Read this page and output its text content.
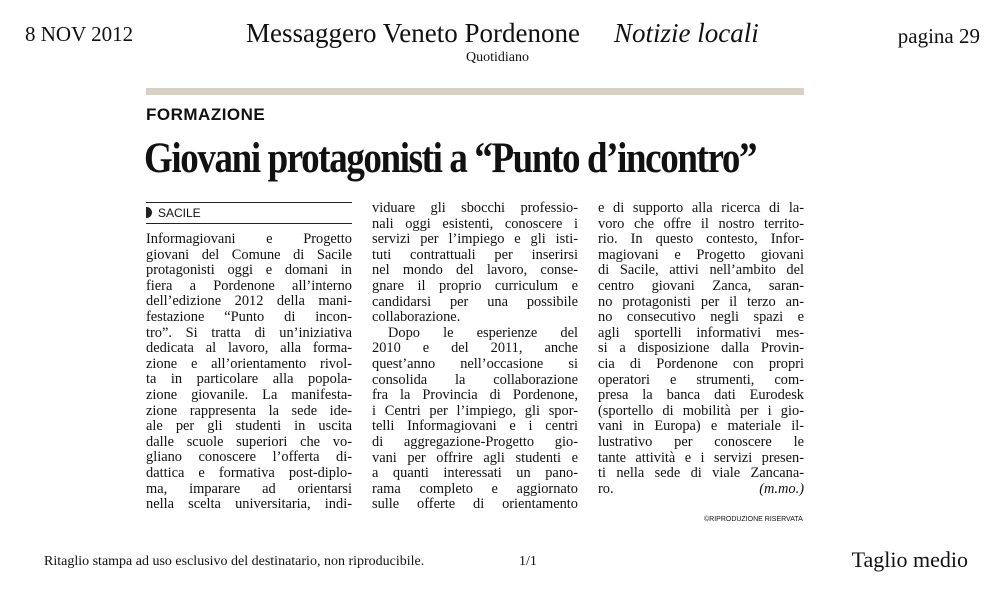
8 NOV 2012	Messaggero Veneto Pordenone Notizie locali
Quotidiano
pagina 29
FORMAZIONE
Giovani protagonisti a “Punto d’incontro”
SACILE
Informagiovani e Progetto
giovani del Comune di Sacile
protagonisti oggi e domani in
fiera a Pordenone all’interno
dell’edizione 2012 della mani-
festazione “Punto di incon-
tro”. Si tratta di un’iniziativa
dedicata al lavoro, alla forma-
zione e all’orientamento rivol-
ta in particolare alla popola-
zione giovanile. La manifesta-
zione rappresenta la sede ide-
ale per gli studenti in uscita
dalle scuole superiori che vo-
gliano conoscere l’offerta di-
dattica e formativa post-diplo-
ma, imparare ad orientarsi
nella scelta universitaria, indi-
viduare gli sbocchi professio-
nali oggi esistenti, conoscere i
servizi per l’impiego e gli isti-
tuti contrattuali per inserirsi
nel mondo del lavoro, conse-
gnare il proprio curriculum e
candidarsi per una possibile
collaborazione.
Dopo le esperienze del
2010 e del 2011, anche
quest’anno nell’occasione si
consolida la collaborazione
fra la Provincia di Pordenone,
i Centri per l’impiego, gli spor-
telli Informagiovani e i centri
di aggregazione-Progetto gio-
vani per offrire agli studenti e
a quanti interessati un pano-
rama completo e aggiornato
sulle offerte di orientamento
e di supporto alla ricerca di la-
voro che offre il nostro territo-
rio. In questo contesto, Infor-
magiovani e Progetto giovani
di Sacile, attivi nell’ambito del
centro giovani Zanca, saran-
no protagonisti per il terzo an-
no consecutivo negli spazi e
agli sportelli informativi mes-
si a disposizione dalla Provin-
cia di Pordenone con propri
operatori e strumenti, com-
presa la banca dati Eurodesk
(sportello di mobilità per i gio-
vani in Europa) e materiale il-
lustrativo per conoscere le
tante attività e i servizi presen-
ti nella sede di viale Zancana-
ro.	(m.mo.)
©RIPRODUZIONE RISERVATA
Ritaglio stampa ad uso esclusivo del destinatario, non riproducibile.	1/1	Taglio medio
